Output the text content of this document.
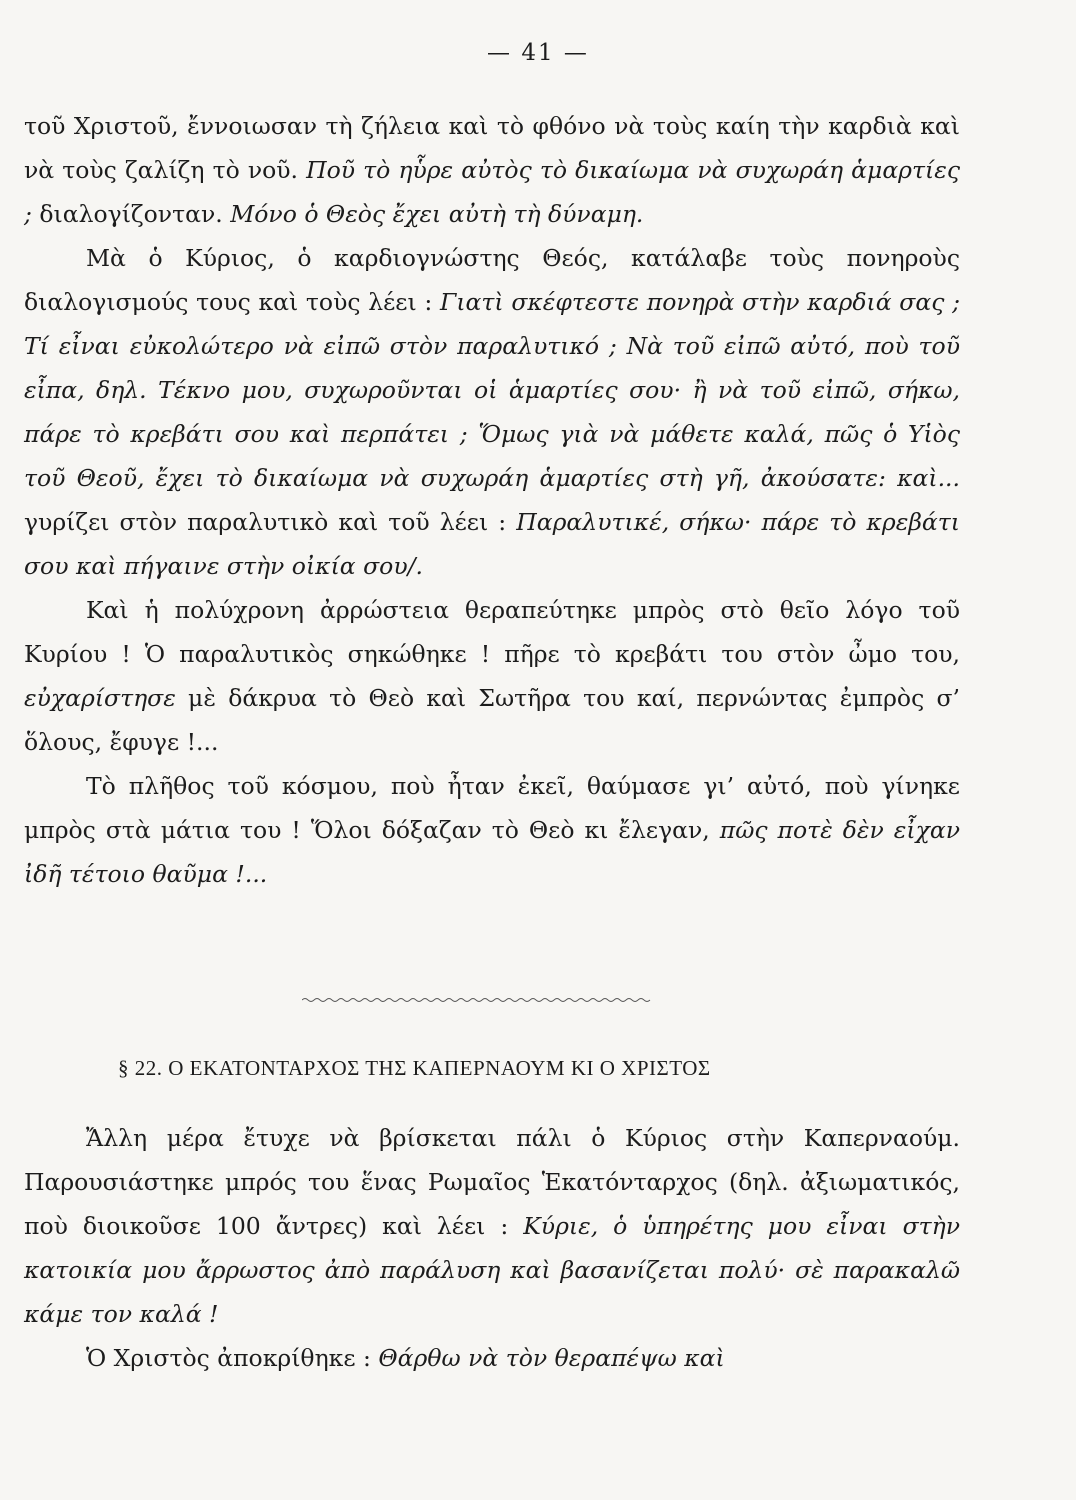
— 41 —

τοῦ Χριστοῦ, ἔννοιωσαν τὴ ζήλεια καὶ τὸ φθόνο νὰ τοὺς καίη τὴν καρδιὰ καὶ νὰ τοὺς ζαλίζη τὸ νοῦ. Ποῦ τὸ ηὗρε αὐτὸς τὸ δικαίωμα νὰ συχωράη ἁμαρτίες ; διαλογίζονταν. Μόνο ὁ Θεὸς ἔχει αὐτὴ τὴ δύναμη.

Μὰ ὁ Κύριος, ὁ καρδιογνώστης Θεός, κατάλαβε τοὺς πονηροὺς διαλογισμούς τους καὶ τοὺς λέει : Γιατὶ σκέφτεστε πονηρὰ στὴν καρδιά σας ; Τί εἶναι εὐκολώτερο νὰ εἰπῶ στὸν παραλυτικό ; Νὰ τοῦ εἰπῶ αὐτό, ποὺ τοῦ εἶπα, δηλ. Τέκνο μου, συχωροῦνται οἱ ἁμαρτίες σου· ἢ νὰ τοῦ εἰπῶ, σήκω, πάρε τὸ κρεβάτι σου καὶ περπάτει ; Ὅμως γιὰ νὰ μάθετε καλά, πῶς ὁ Υἱὸς τοῦ Θεοῦ, ἔχει τὸ δικαίωμα νὰ συχωράη ἁμαρτίες στὴ γῆ, ἀκούσατε: καὶ... γυρίζει στὸν παραλυτικὸ καὶ τοῦ λέει : Παραλυτικέ, σήκω· πάρε τὸ κρεβάτι σου καὶ πήγαινε στὴν οἰκία σου/.

Καὶ ἡ πολύχρονη ἀρρώστεια θεραπεύτηκε μπρὸς στὸ θεῖο λόγο τοῦ Κυρίου ! Ὁ παραλυτικὸς σηκώθηκε ! πῆρε τὸ κρεβάτι του στὸν ὦμο του, εὐχαρίστησε μὲ δάκρυα τὸ Θεὸ καὶ Σωτῆρα του καί, περνώντας ἐμπρὸς σ’ ὅλους, ἔφυγε !...

Τὸ πλῆθος τοῦ κόσμου, ποὺ ἦταν ἐκεῖ, θαύμασε γι’ αὐτό, ποὺ γίνηκε μπρὸς στὰ μάτια του ! Ὅλοι δόξαζαν τὸ Θεὸ κι ἔλεγαν, πῶς ποτὲ δὲν εἶχαν ἰδῆ τέτοιο θαῦμα !...

§ 22. Ο ΕΚΑΤΟΝΤΑΡΧΟΣ ΤΗΣ ΚΑΠΕΡΝΑΟΥΜ ΚΙ Ο ΧΡΙΣΤΟΣ

Ἄλλη μέρα ἔτυχε νὰ βρίσκεται πάλι ὁ Κύριος στὴν Καπερναούμ. Παρουσιάστηκε μπρός του ἕνας Ρωμαῖος Ἑκατόνταρχος (δηλ. ἀξιωματικός, ποὺ διοικοῦσε 100 ἄντρες) καὶ λέει : Κύριε, ὁ ὑπηρέτης μου εἶναι στὴν κατοικία μου ἄρρωστος ἀπὸ παράλυση καὶ βασανίζεται πολύ· σὲ παρακαλῶ κάμε τον καλά !

Ὁ Χριστὸς ἀποκρίθηκε : Θάρθω νὰ τὸν θεραπέψω καὶ
